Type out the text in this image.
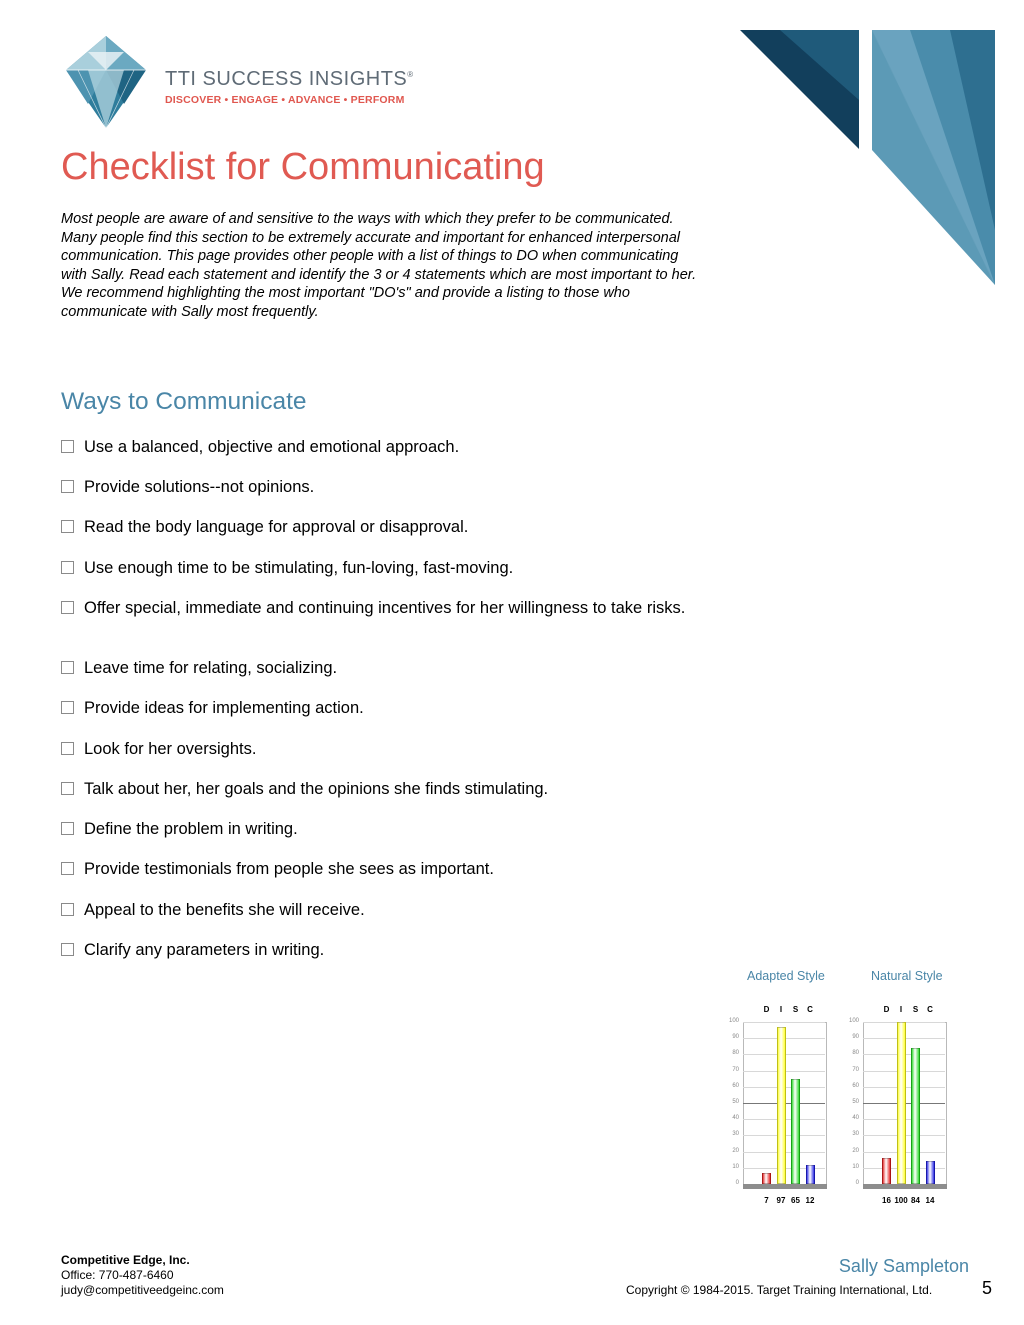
TTI SUCCESS INSIGHTS®
DISCOVER • ENGAGE • ADVANCE • PERFORM
Checklist for Communicating
Most people are aware of and sensitive to the ways with which they prefer to be communicated. Many people find this section to be extremely accurate and important for enhanced interpersonal communication. This page provides other people with a list of things to DO when communicating with Sally. Read each statement and identify the 3 or 4 statements which are most important to her. We recommend highlighting the most important "DO's" and provide a listing to those who communicate with Sally most frequently.
Ways to Communicate
Use a balanced, objective and emotional approach.
Provide solutions--not opinions.
Read the body language for approval or disapproval.
Use enough time to be stimulating, fun-loving, fast-moving.
Offer special, immediate and continuing incentives for her willingness to take risks.
Leave time for relating, socializing.
Provide ideas for implementing action.
Look for her oversights.
Talk about her, her goals and the opinions she finds stimulating.
Define the problem in writing.
Provide testimonials from people she sees as important.
Appeal to the benefits she will receive.
Clarify any parameters in writing.
Adapted Style	Natural Style
D	I	S	C
100
90
80
70
60
50
40
30
20
10
0
7 97 65 12
D	I	S	C
100
90
80
70
60
50
40
30
20
10
0
16 100 84 14
Competitive Edge, Inc.
Office: 770-487-6460
judy@competitiveedgeinc.com
Sally Sampleton
Copyright © 1984-2015. Target Training International, Ltd.	5
